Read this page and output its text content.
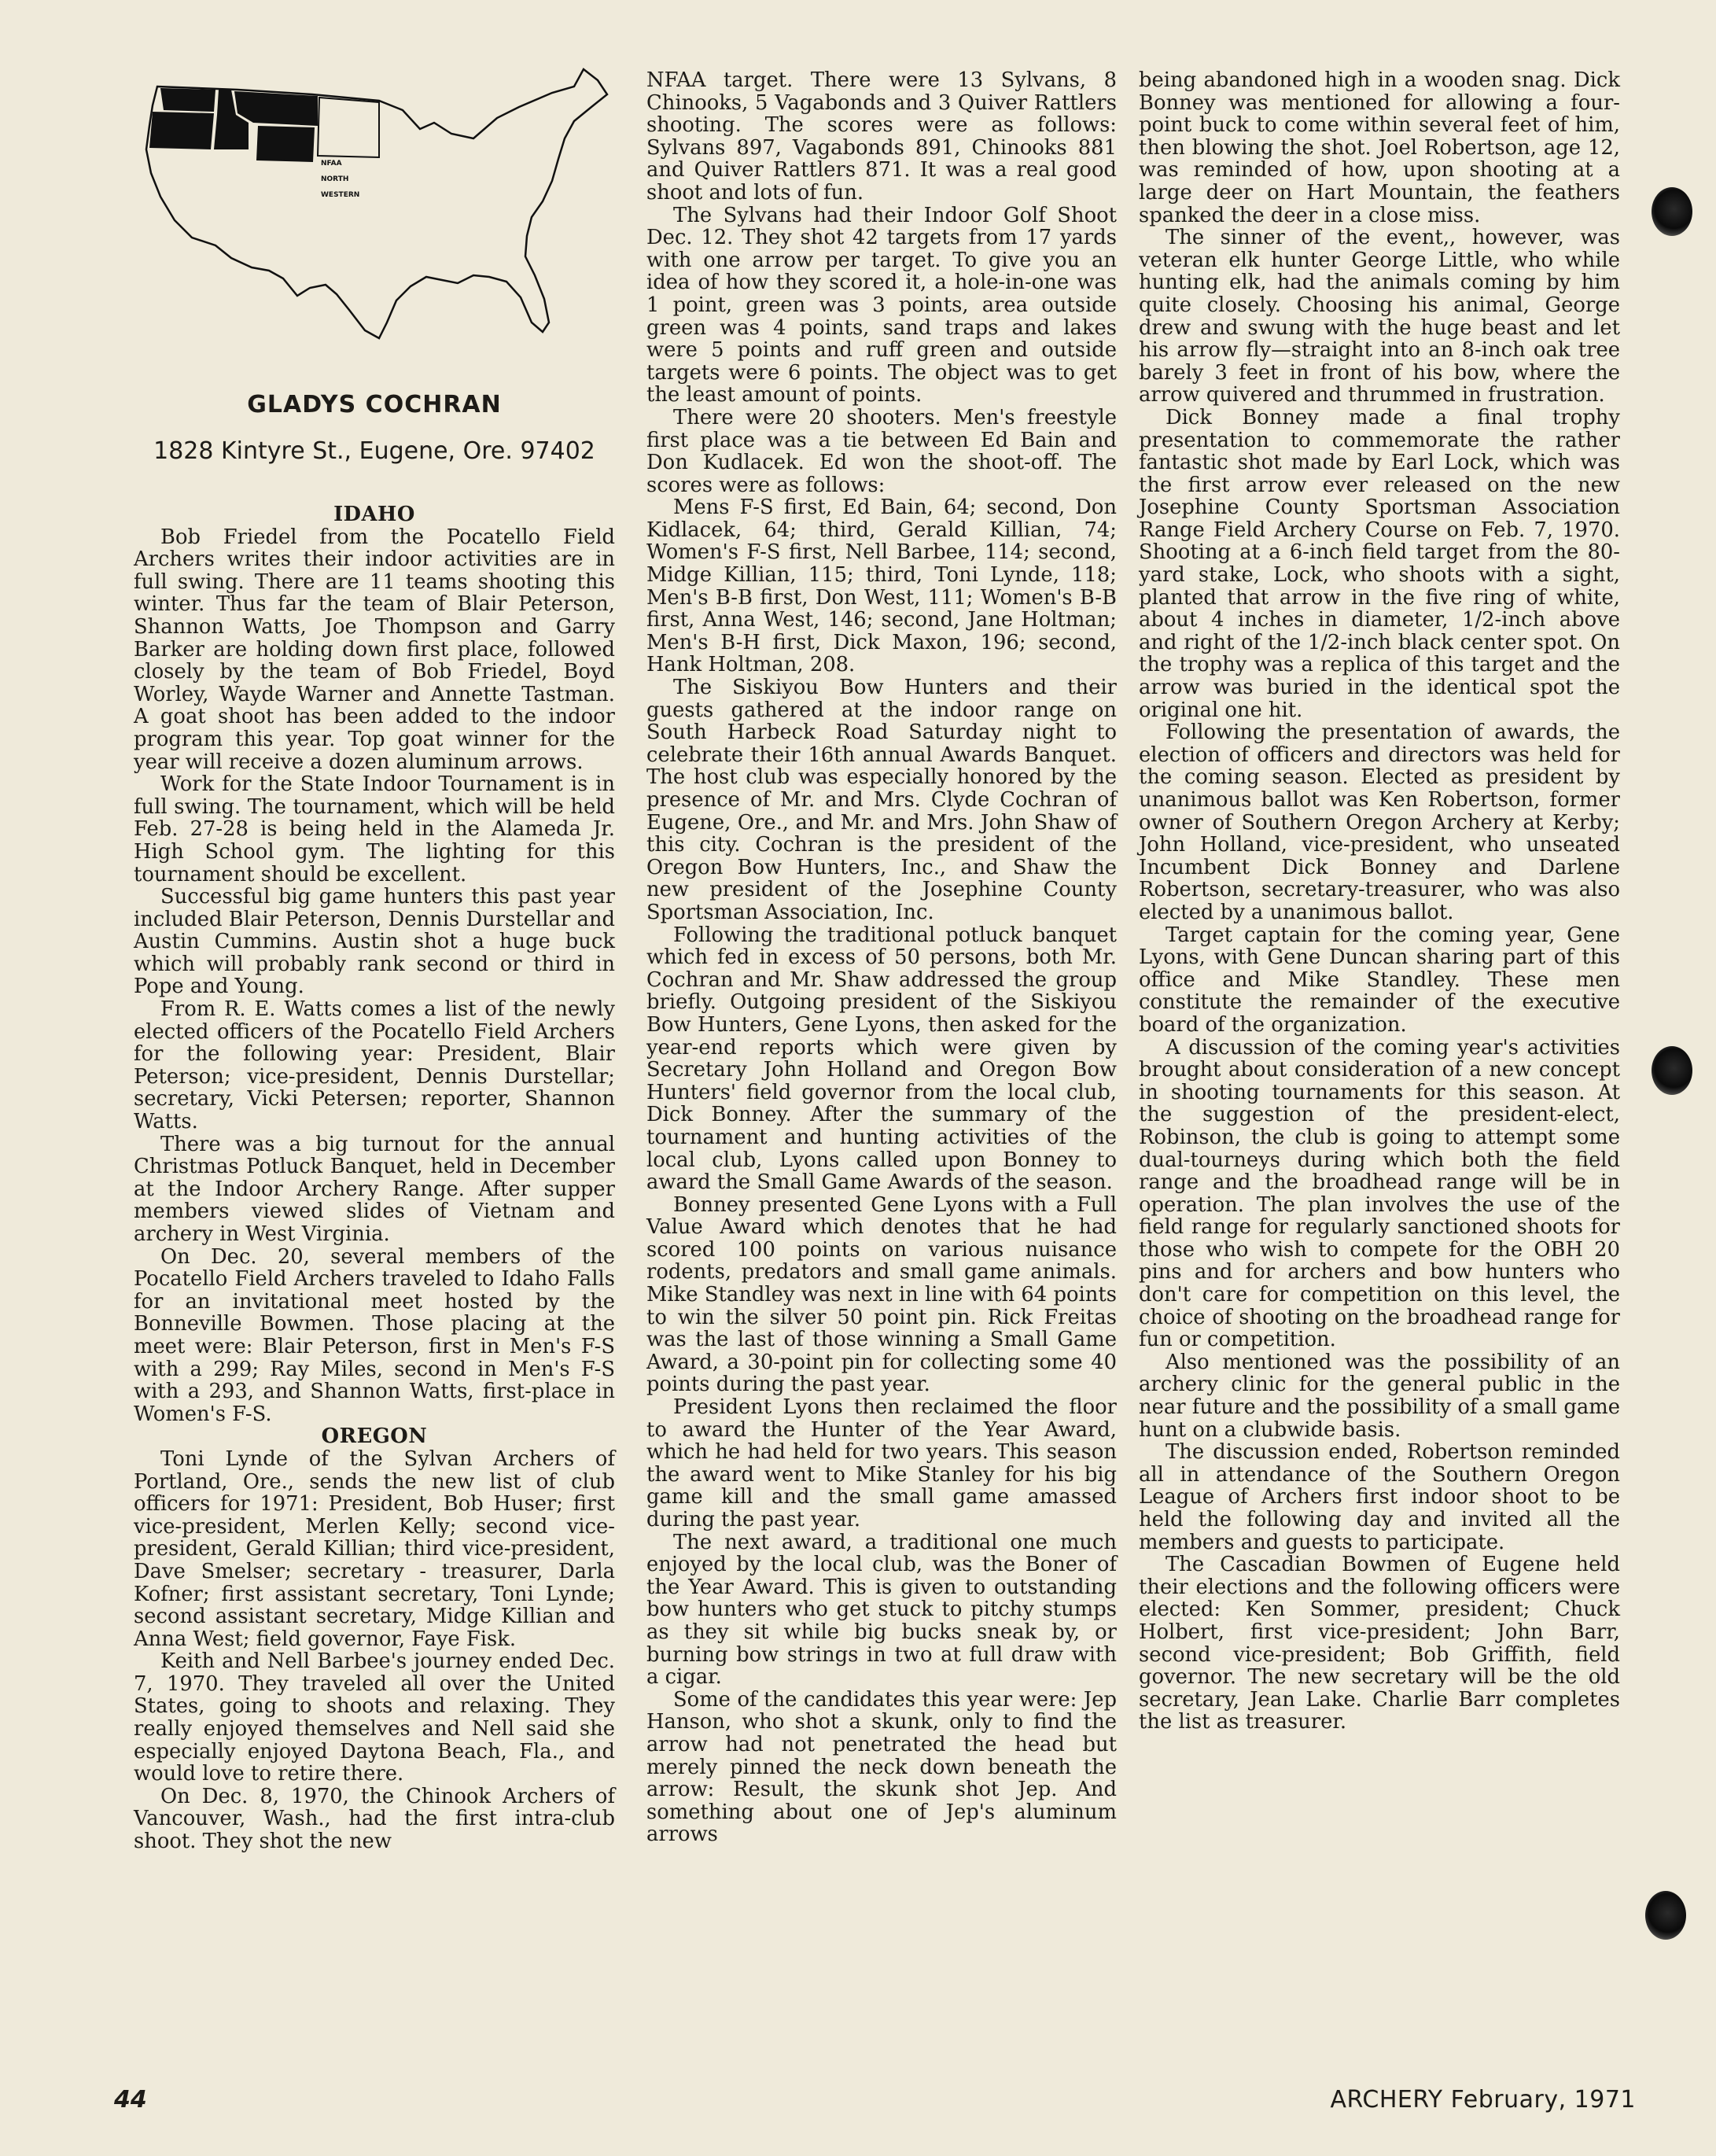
NFAA
NORTH
WESTERN
GLADYS COCHRAN
1828 Kintyre St., Eugene, Ore. 97402

IDAHO

Bob Friedel from the Pocatello Field Archers writes their indoor activities are in full swing. There are 11 teams shooting this winter. Thus far the team of Blair Peterson, Shannon Watts, Joe Thompson and Garry Barker are holding down first place, followed closely by the team of Bob Friedel, Boyd Worley, Wayde Warner and Annette Tastman. A goat shoot has been added to the indoor program this year. Top goat winner for the year will receive a dozen aluminum arrows.

Work for the State Indoor Tournament is in full swing. The tournament, which will be held Feb. 27-28 is being held in the Alameda Jr. High School gym. The lighting for this tournament should be excellent.

Successful big game hunters this past year included Blair Peterson, Dennis Durstellar and Austin Cummins. Austin shot a huge buck which will probably rank second or third in Pope and Young.

From R. E. Watts comes a list of the newly elected officers of the Pocatello Field Archers for the following year: President, Blair Peterson; vice-president, Dennis Durstellar; secretary, Vicki Petersen; reporter, Shannon Watts.

There was a big turnout for the annual Christmas Potluck Banquet, held in December at the Indoor Archery Range. After supper members viewed slides of Vietnam and archery in West Virginia.

On Dec. 20, several members of the Pocatello Field Archers traveled to Idaho Falls for an invitational meet hosted by the Bonneville Bowmen. Those placing at the meet were: Blair Peterson, first in Men's F-S with a 299; Ray Miles, second in Men's F-S with a 293, and Shannon Watts, first-place in Women's F-S.

OREGON

Toni Lynde of the Sylvan Archers of Portland, Ore., sends the new list of club officers for 1971: President, Bob Huser; first vice-president, Merlen Kelly; second vice-president, Gerald Killian; third vice-president, Dave Smelser; secretary - treasurer, Darla Kofner; first assistant secretary, Toni Lynde; second assistant secretary, Midge Killian and Anna West; field governor, Faye Fisk.

Keith and Nell Barbee's journey ended Dec. 7, 1970. They traveled all over the United States, going to shoots and relaxing. They really enjoyed themselves and Nell said she especially enjoyed Daytona Beach, Fla., and would love to retire there.

On Dec. 8, 1970, the Chinook Archers of Vancouver, Wash., had the first intra-club shoot. They shot the new

NFAA target. There were 13 Sylvans, 8 Chinooks, 5 Vagabonds and 3 Quiver Rattlers shooting. The scores were as follows: Sylvans 897, Vagabonds 891, Chinooks 881 and Quiver Rattlers 871. It was a real good shoot and lots of fun.

The Sylvans had their Indoor Golf Shoot Dec. 12. They shot 42 targets from 17 yards with one arrow per target. To give you an idea of how they scored it, a hole-in-one was 1 point, green was 3 points, area outside green was 4 points, sand traps and lakes were 5 points and ruff green and outside targets were 6 points. The object was to get the least amount of points.

There were 20 shooters. Men's freestyle first place was a tie between Ed Bain and Don Kudlacek. Ed won the shoot-off. The scores were as follows:

Mens F-S first, Ed Bain, 64; second, Don Kidlacek, 64; third, Gerald Killian, 74; Women's F-S first, Nell Barbee, 114; second, Midge Killian, 115; third, Toni Lynde, 118; Men's B-B first, Don West, 111; Women's B-B first, Anna West, 146; second, Jane Holtman; Men's B-H first, Dick Maxon, 196; second, Hank Holtman, 208.

The Siskiyou Bow Hunters and their guests gathered at the indoor range on South Harbeck Road Saturday night to celebrate their 16th annual Awards Banquet. The host club was especially honored by the presence of Mr. and Mrs. Clyde Cochran of Eugene, Ore., and Mr. and Mrs. John Shaw of this city. Cochran is the president of the Oregon Bow Hunters, Inc., and Shaw the new president of the Josephine County Sportsman Association, Inc.

Following the traditional potluck banquet which fed in excess of 50 persons, both Mr. Cochran and Mr. Shaw addressed the group briefly. Outgoing president of the Siskiyou Bow Hunters, Gene Lyons, then asked for the year-end reports which were given by Secretary John Holland and Oregon Bow Hunters' field governor from the local club, Dick Bonney. After the summary of the tournament and hunting activities of the local club, Lyons called upon Bonney to award the Small Game Awards of the season.

Bonney presented Gene Lyons with a Full Value Award which denotes that he had scored 100 points on various nuisance rodents, predators and small game animals. Mike Standley was next in line with 64 points to win the silver 50 point pin. Rick Freitas was the last of those winning a Small Game Award, a 30-point pin for collecting some 40 points during the past year.

President Lyons then reclaimed the floor to award the Hunter of the Year Award, which he had held for two years. This season the award went to Mike Stanley for his big game kill and the small game amassed during the past year.

The next award, a traditional one much enjoyed by the local club, was the Boner of the Year Award. This is given to outstanding bow hunters who get stuck to pitchy stumps as they sit while big bucks sneak by, or burning bow strings in two at full draw with a cigar.

Some of the candidates this year were: Jep Hanson, who shot a skunk, only to find the arrow had not penetrated the head but merely pinned the neck down beneath the arrow: Result, the skunk shot Jep. And something about one of Jep's aluminum arrows

being abandoned high in a wooden snag. Dick Bonney was mentioned for allowing a four-point buck to come within several feet of him, then blowing the shot. Joel Robertson, age 12, was reminded of how, upon shooting at a large deer on Hart Mountain, the feathers spanked the deer in a close miss.

The sinner of the event,, however, was veteran elk hunter George Little, who while hunting elk, had the animals coming by him quite closely. Choosing his animal, George drew and swung with the huge beast and let his arrow fly—straight into an 8-inch oak tree barely 3 feet in front of his bow, where the arrow quivered and thrummed in frustration.

Dick Bonney made a final trophy presentation to commemorate the rather fantastic shot made by Earl Lock, which was the first arrow ever released on the new Josephine County Sportsman Association Range Field Archery Course on Feb. 7, 1970. Shooting at a 6-inch field target from the 80-yard stake, Lock, who shoots with a sight, planted that arrow in the five ring of white, about 4 inches in diameter, 1/2-inch above and right of the 1/2-inch black center spot. On the trophy was a replica of this target and the arrow was buried in the identical spot the original one hit.

Following the presentation of awards, the election of officers and directors was held for the coming season. Elected as president by unanimous ballot was Ken Robertson, former owner of Southern Oregon Archery at Kerby; John Holland, vice-president, who unseated Incumbent Dick Bonney and Darlene Robertson, secretary-treasurer, who was also elected by a unanimous ballot.

Target captain for the coming year, Gene Lyons, with Gene Duncan sharing part of this office and Mike Standley. These men constitute the remainder of the executive board of the organization.

A discussion of the coming year's activities brought about consideration of a new concept in shooting tournaments for this season. At the suggestion of the president-elect, Robinson, the club is going to attempt some dual-tourneys during which both the field range and the broadhead range will be in operation. The plan involves the use of the field range for regularly sanctioned shoots for those who wish to compete for the OBH 20 pins and for archers and bow hunters who don't care for competition on this level, the choice of shooting on the broadhead range for fun or competition.

Also mentioned was the possibility of an archery clinic for the general public in the near future and the possibility of a small game hunt on a clubwide basis.

The discussion ended, Robertson reminded all in attendance of the Southern Oregon League of Archers first indoor shoot to be held the following day and invited all the members and guests to participate.

The Cascadian Bowmen of Eugene held their elections and the following officers were elected: Ken Sommer, president; Chuck Holbert, first vice-president; John Barr, second vice-president; Bob Griffith, field governor. The new secretary will be the old secretary, Jean Lake. Charlie Barr completes the list as treasurer.

44	ARCHERY February, 1971
